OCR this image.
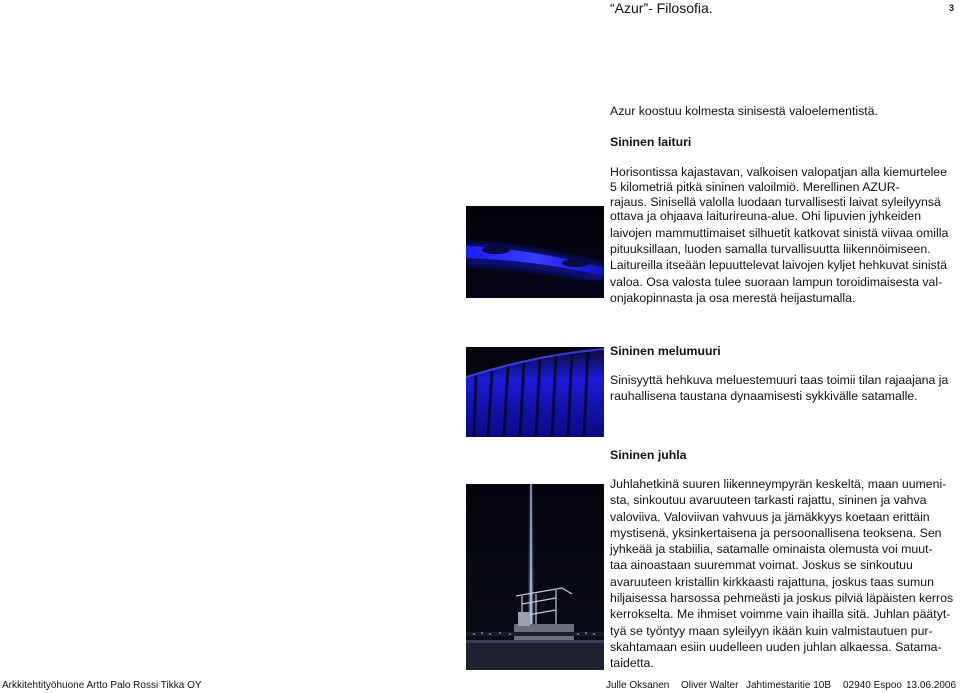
“Azur”- Filosofia.	3

Azur koostuu kolmesta sinisestä valoelementistä.

Sininen laituri

Horisontissa kajastavan, valkoisen valopatjan alla kiemurtelee

5 kilometriä pitkä sininen valoilmiö. Merellinen AZUR-

rajaus. Sinisellä valolla luodaan turvallisesti laivat syleilyynsä

ottava ja ohjaava laiturireuna-alue. Ohi lipuvien jyhkeiden

laivojen mammuttimaiset silhuetit katkovat sinistä viivaa omilla

pituuksillaan, luoden samalla turvallisuutta liikennöimiseen.

Laitureilla itseään lepuuttelevat laivojen kyljet hehkuvat sinistä

valoa. Osa valosta tulee suoraan lampun toroidimaisesta val-

onjakopinnasta ja osa merestä heijastumalla.

Sininen melumuuri

Sinisyyttä hehkuva meluestemuuri taas toimii tilan rajaajana ja

rauhallisena taustana dynaamisesti sykkivälle satamalle.

Sininen juhla

Juhlahetkinä suuren liikenneympyrän keskeltä, maan uumeni-

sta, sinkoutuu avaruuteen tarkasti rajattu, sininen ja vahva

valoviiva. Valoviivan vahvuus ja jämäkkyys koetaan erittäin

mystisenä, yksinkertaisena ja persoonallisena teoksena. Sen

jyhkeää ja stabiilia, satamalle ominaista olemusta voi muut-

taa ainoastaan suuremmat voimat. Joskus se sinkoutuu

avaruuteen kristallin kirkkaasti rajattuna, joskus taas sumun

hiljaisessa harsossa pehmeästi ja joskus pilviä läpäisten kerros

kerrokselta. Me ihmiset voimme vain ihailla sitä. Juhlan päätyt-

tyä se työntyy maan syleilyyn ikään kuin valmistautuen pur-

skahtamaan esiin uudelleen uuden juhlan alkaessa. Satama-

taidetta.

Arkkitehtityöhuone Artto Palo Rossi Tikka OY	Julle Oksanen Oliver Walter Jahtimestaritie 10B 02940 Espoo 13.06.2006
